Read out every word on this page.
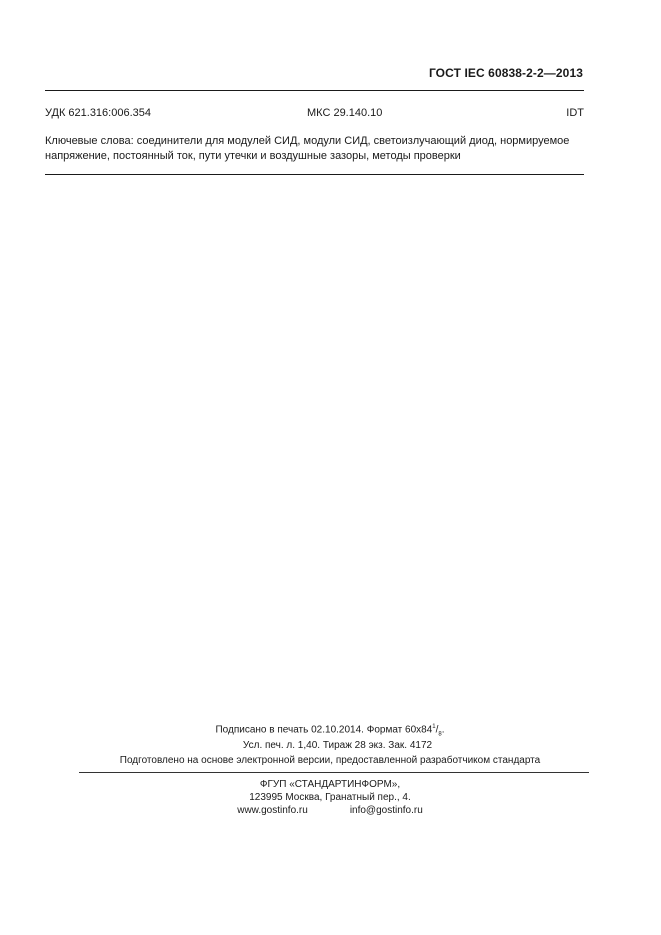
ГОСТ IEC 60838-2-2—2013
УДК 621.316:006.354	МКС 29.140.10	IDT
Ключевые слова: соединители для модулей СИД, модули СИД, светоизлучающий диод, нормируемое напряжение, постоянный ток, пути утечки и воздушные зазоры, методы проверки
Подписано в печать 02.10.2014. Формат $60x84^1/_8$.
Усл. печ. л. 1,40. Тираж 28 экз. Зак. 4172
Подготовлено на основе электронной версии, предоставленной разработчиком стандарта
ФГУП «СТАНДАРТИНФОРМ»,
123995 Москва, Гранатный пер., 4.
www.gostinfo.ru	info@gostinfo.ru
